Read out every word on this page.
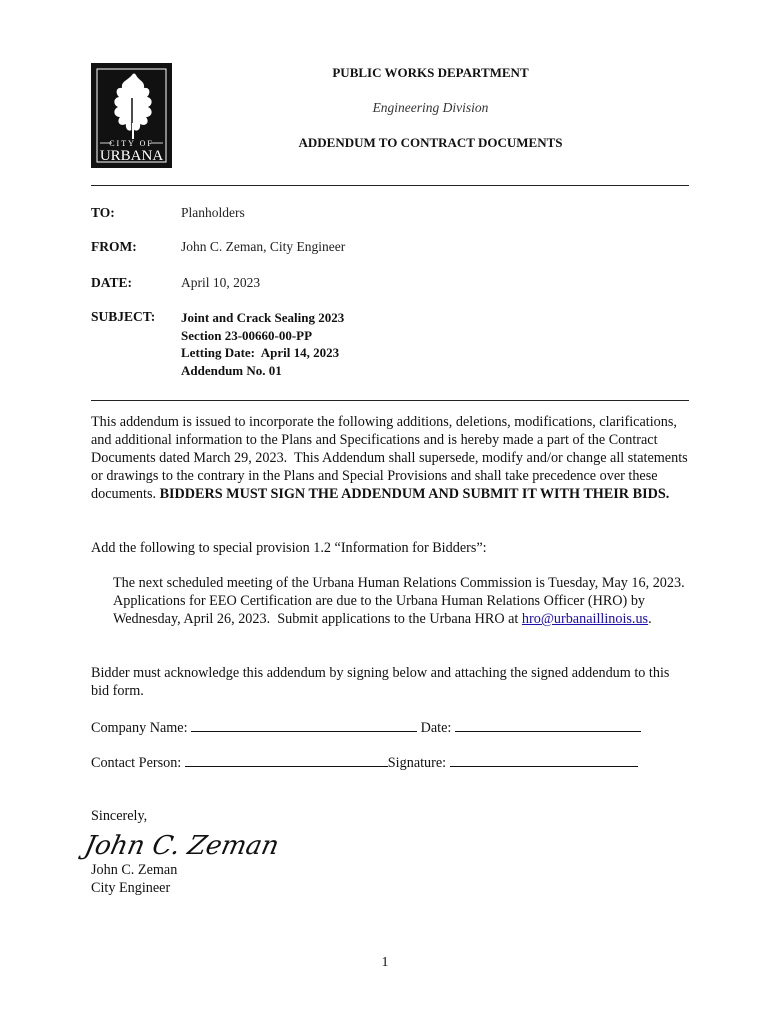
CITY OF
URBANA
PUBLIC WORKS DEPARTMENT
Engineering Division
ADDENDUM TO CONTRACT DOCUMENTS
TO:	Planholders
FROM:	John C. Zeman, City Engineer
DATE:	April 10, 2023
SUBJECT: Joint and Crack Sealing 2023
Section 23-00660-00-PP
Letting Date:  April 14, 2023
Addendum No. 01
This addendum is issued to incorporate the following additions, deletions, modifications, clarifications, and additional information to the Plans and Specifications and is hereby made a part of the Contract Documents dated March 29, 2023.  This Addendum shall supersede, modify and/or change all statements or drawings to the contrary in the Plans and Special Provisions and shall take precedence over these documents. BIDDERS MUST SIGN THE ADDENDUM AND SUBMIT IT WITH THEIR BIDS.
Add the following to special provision 1.2 “Information for Bidders”:
The next scheduled meeting of the Urbana Human Relations Commission is Tuesday, May 16, 2023.  Applications for EEO Certification are due to the Urbana Human Relations Officer (HRO) by Wednesday, April 26, 2023.  Submit applications to the Urbana HRO at hro@urbanaillinois.us.
Bidder must acknowledge this addendum by signing below and attaching the signed addendum to this bid form.
Company Name:	Date:
Contact Person:	Signature:
Sincerely,
John C. Zeman
John C. Zeman
City Engineer
1
